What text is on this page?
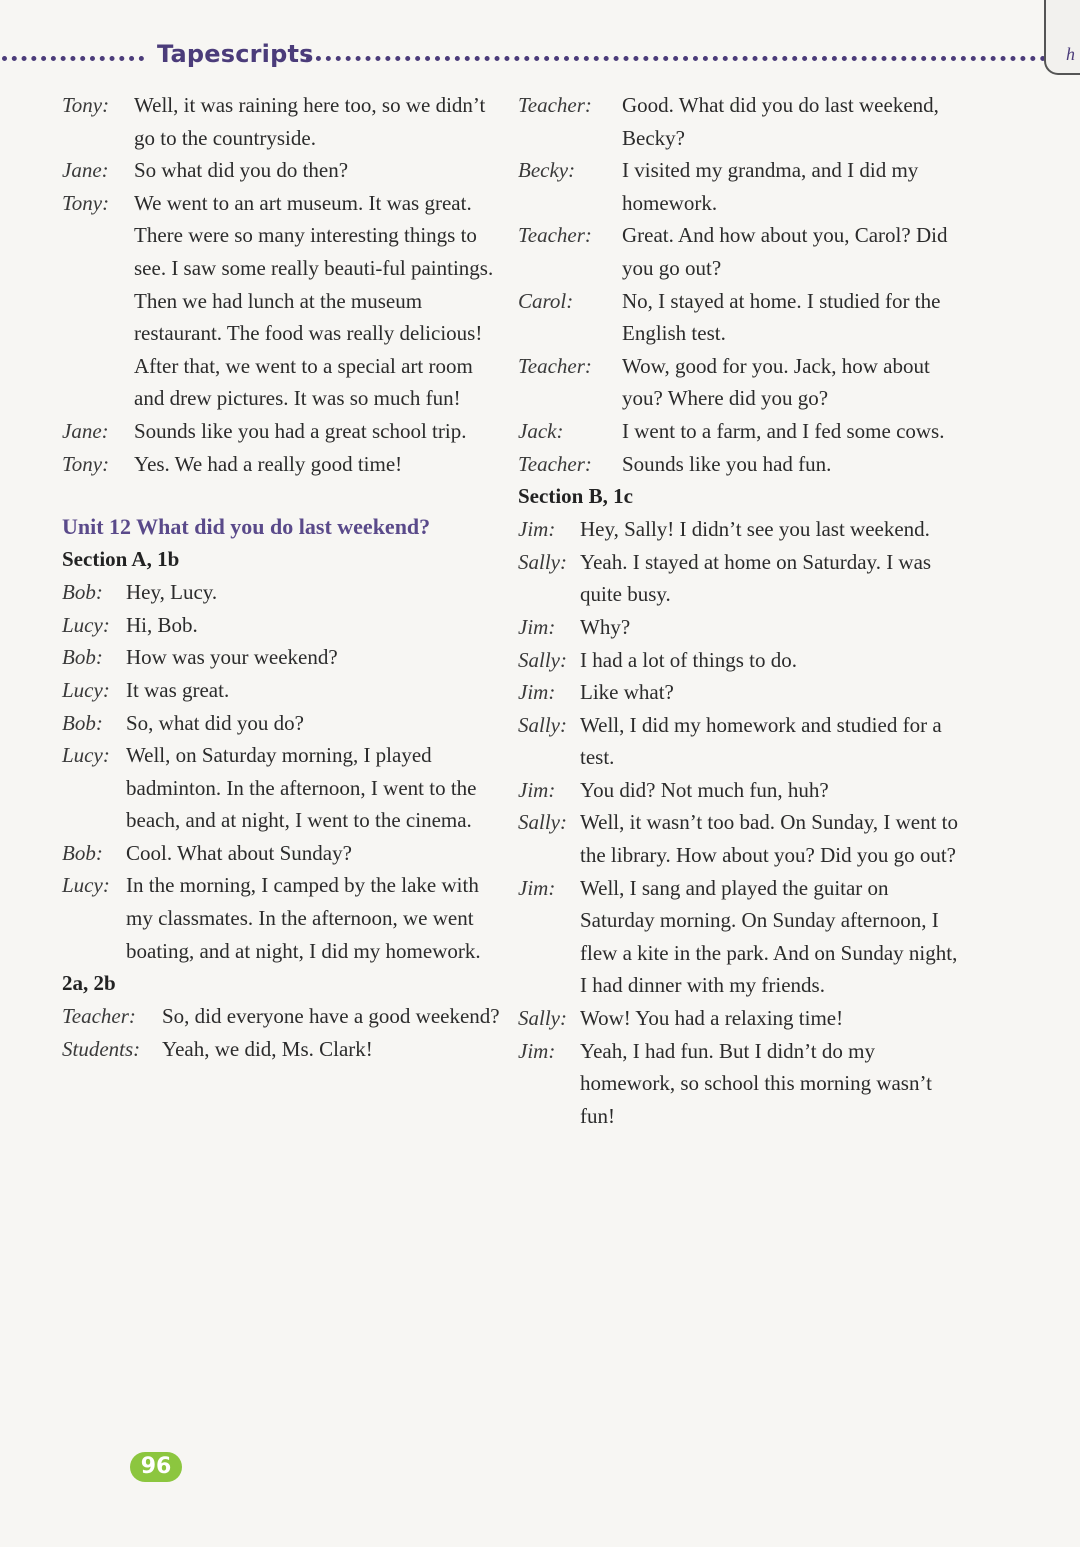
Tapescripts	h
Tony:	Well, it was raining here too, so we didn’t go to the countryside.
Jane:	So what did you do then?
Tony:	We went to an art museum. It was great. There were so many interesting things to see. I saw some really beauti-ful paintings. Then we had lunch at the museum restaurant. The food was really delicious! After that, we went to a special art room and drew pictures. It was so much fun!
Jane:	Sounds like you had a great school trip.
Tony:	Yes. We had a really good time!
Unit 12 What did you do last weekend?
Section A, 1b
Bob:	Hey, Lucy.
Lucy: Hi, Bob.
Bob:	How was your weekend?
Lucy: It was great.
Bob:	So, what did you do?
Lucy: Well, on Saturday morning, I played badminton. In the afternoon, I went to the beach, and at night, I went to the cinema.
Bob:	Cool. What about Sunday?
Lucy: In the morning, I camped by the lake with my classmates. In the afternoon, we went boating, and at night, I did my homework.
2a, 2b
Teacher:	So, did everyone have a good weekend?
Students:	Yeah, we did, Ms. Clark!
Teacher:	Good. What did you do last weekend, Becky?
Becky:	I visited my grandma, and I did my homework.
Teacher:	Great. And how about you, Carol? Did you go out?
Carol:	No, I stayed at home. I studied for the English test.
Teacher:	Wow, good for you. Jack, how about you? Where did you go?
Jack:	I went to a farm, and I fed some cows.
Teacher:	Sounds like you had fun.
Section B, 1c
Jim:	Hey, Sally! I didn’t see you last weekend.
Sally: Yeah. I stayed at home on Saturday. I was quite busy.
Jim:	Why?
Sally: I had a lot of things to do.
Jim:	Like what?
Sally: Well, I did my homework and studied for a test.
Jim:	You did? Not much fun, huh?
Sally: Well, it wasn’t too bad. On Sunday, I went to the library. How about you? Did you go out?
Jim:	Well, I sang and played the guitar on Saturday morning. On Sunday afternoon, I flew a kite in the park. And on Sunday night, I had dinner with my friends.
Sally: Wow! You had a relaxing time!
Jim:	Yeah, I had fun. But I didn’t do my homework, so school this morning wasn’t fun!
96
